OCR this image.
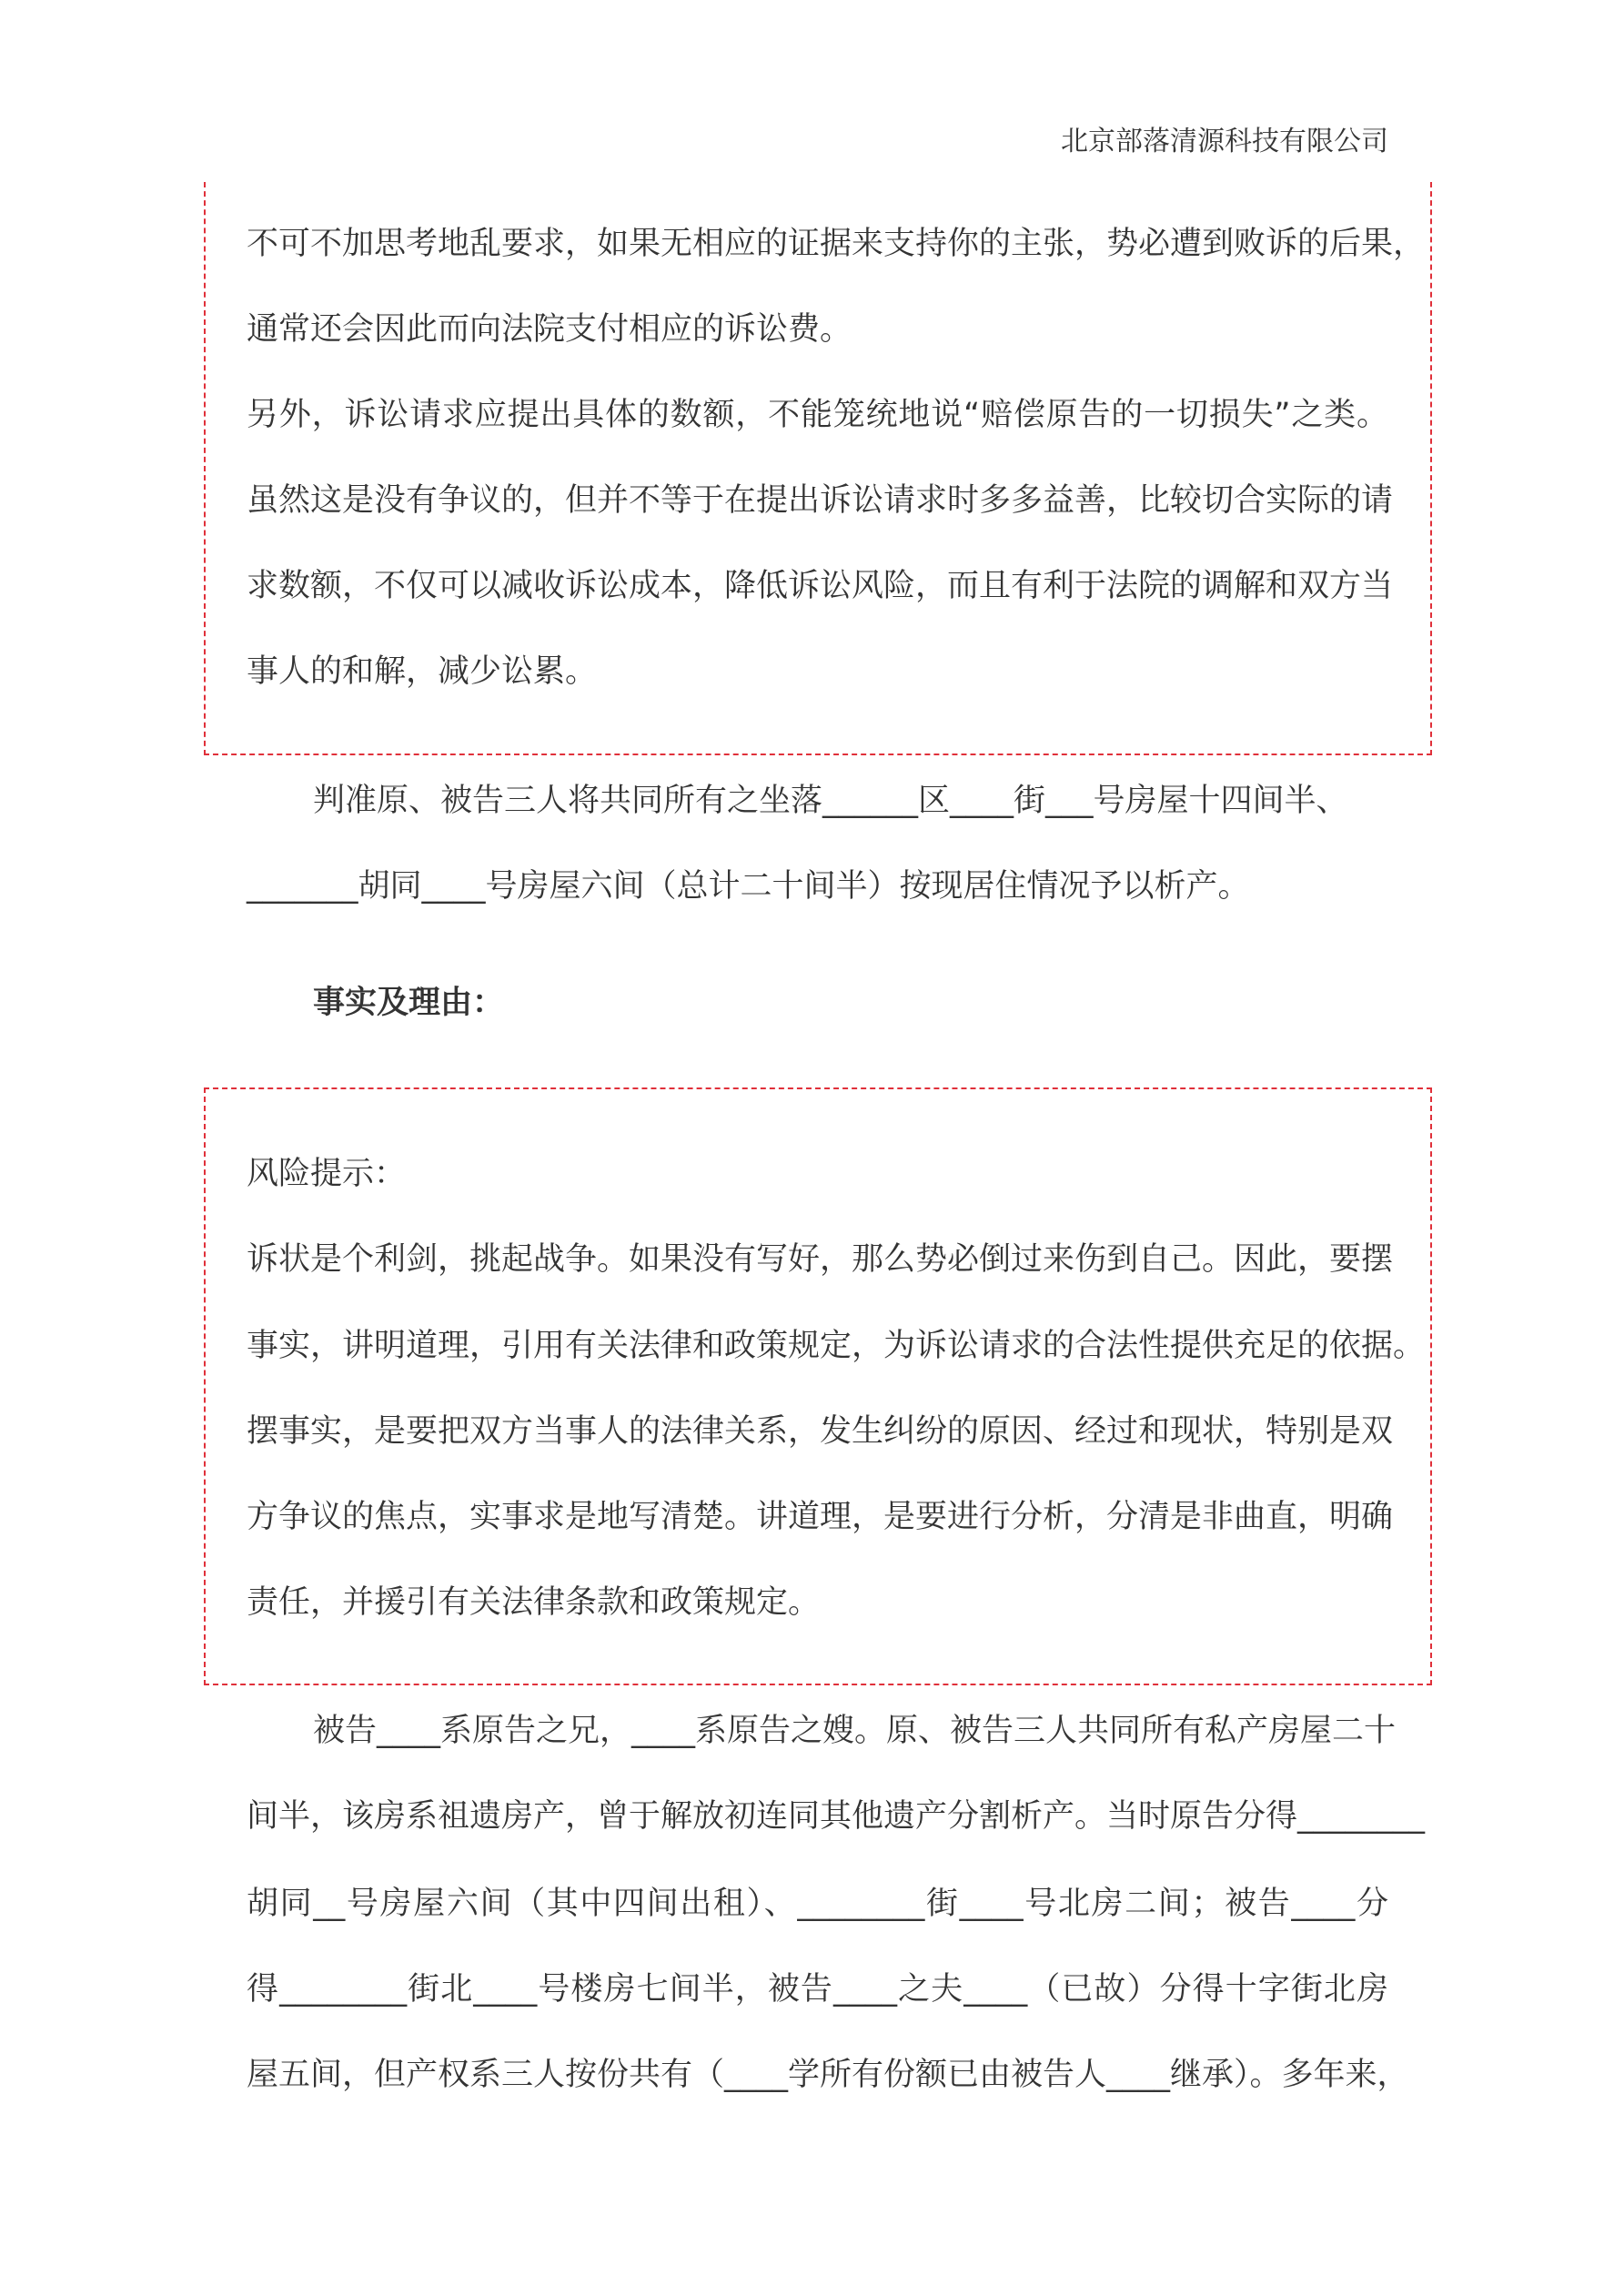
北京部落清源科技有限公司
不可不加思考地乱要求，如果无相应的证据来支持你的主张，势必遭到败诉的后果，
通常还会因此而向法院支付相应的诉讼费。
另外，诉讼请求应提出具体的数额，不能笼统地说“赔偿原告的一切损失”之类。
虽然这是没有争议的，但并不等于在提出诉讼请求时多多益善，比较切合实际的请
求数额，不仅可以减收诉讼成本，降低诉讼风险，而且有利于法院的调解和双方当
事人的和解，减少讼累。
判准原、被告三人将共同所有之坐落______区____街___号房屋十四间半、
_______胡同____号房屋六间（总计二十间半）按现居住情况予以析产。
事实及理由：
风险提示：
诉状是个利剑，挑起战争。如果没有写好，那么势必倒过来伤到自己。因此，要摆
事实，讲明道理，引用有关法律和政策规定，为诉讼请求的合法性提供充足的依据。
摆事实，是要把双方当事人的法律关系，发生纠纷的原因、经过和现状，特别是双
方争议的焦点，实事求是地写清楚。讲道理，是要进行分析，分清是非曲直，明确
责任，并援引有关法律条款和政策规定。
被告____系原告之兄，____系原告之嫂。原、被告三人共同所有私产房屋二十
间半，该房系祖遗房产，曾于解放初连同其他遗产分割析产。当时原告分得________
胡同__号房屋六间（其中四间出租）、________街____号北房二间；被告____分
得________街北____号楼房七间半，被告____之夫____（已故）分得十字街北房
屋五间，但产权系三人按份共有（____学所有份额已由被告人____继承）。多年来，
